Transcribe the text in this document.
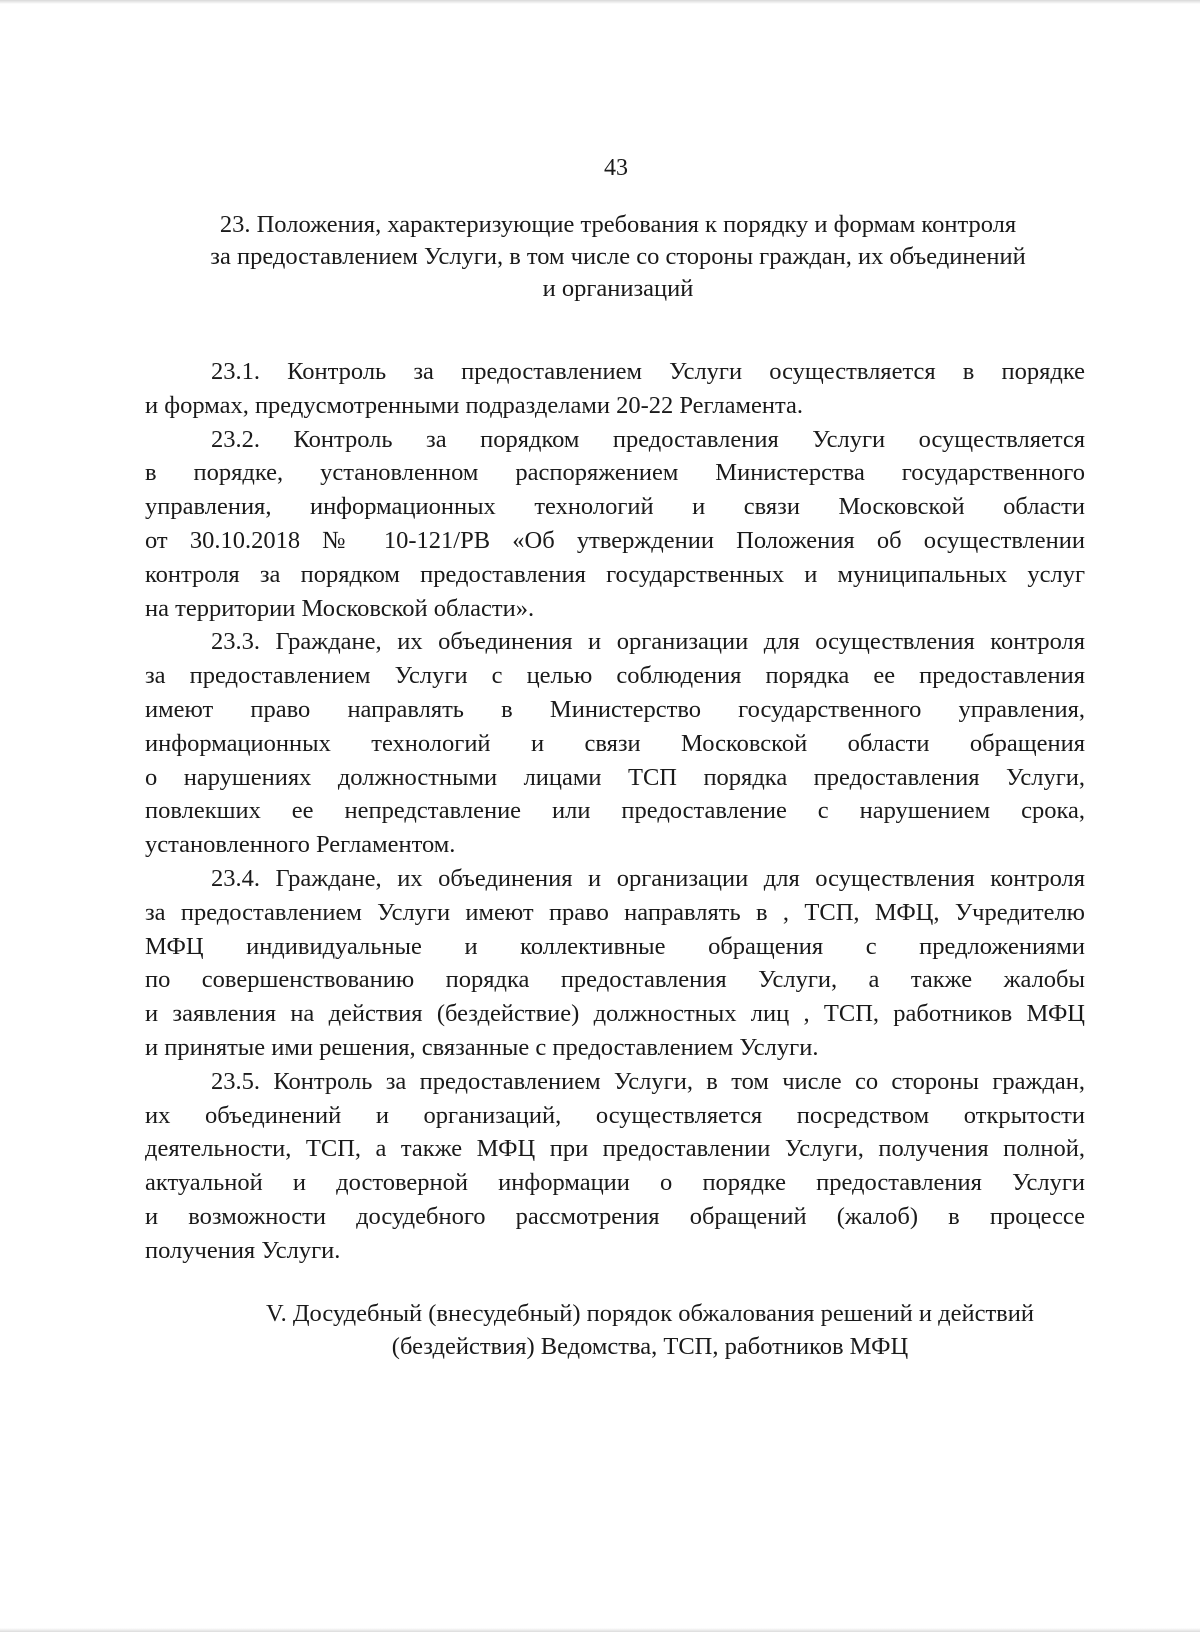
43
23. Положения, характеризующие требования к порядку и формам контроля
за предоставлением Услуги, в том числе со стороны граждан, их объединений
и организаций

23.1. Контроль за предоставлением Услуги осуществляется в порядке
и формах, предусмотренными подразделами 20-22 Регламента.

23.2. Контроль за порядком предоставления Услуги осуществляется
в порядке, установленном распоряжением Министерства государственного
управления, информационных технологий и связи Московской области
от 30.10.2018 № 10-121/РВ «Об утверждении Положения об осуществлении
контроля за порядком предоставления государственных и муниципальных услуг
на территории Московской области».

23.3. Граждане, их объединения и организации для осуществления контроля
за предоставлением Услуги с целью соблюдения порядка ее предоставления
имеют право направлять в Министерство государственного управления,
информационных технологий и связи Московской области обращения
о нарушениях должностными лицами ТСП порядка предоставления Услуги,
повлекших ее непредставление или предоставление с нарушением срока,
установленного Регламентом.

23.4. Граждане, их объединения и организации для осуществления контроля
за предоставлением Услуги имеют право направлять в , ТСП, МФЦ, Учредителю
МФЦ индивидуальные и коллективные обращения с предложениями
по совершенствованию порядка предоставления Услуги, а также жалобы
и заявления на действия (бездействие) должностных лиц , ТСП, работников МФЦ
и принятые ими решения, связанные с предоставлением Услуги.

23.5. Контроль за предоставлением Услуги, в том числе со стороны граждан,
их объединений и организаций, осуществляется посредством открытости
деятельности, ТСП, а также МФЦ при предоставлении Услуги, получения полной,
актуальной и достоверной информации о порядке предоставления Услуги
и возможности досудебного рассмотрения обращений (жалоб) в процессе
получения Услуги.

V. Досудебный (внесудебный) порядок обжалования решений и действий
(бездействия) Ведомства, ТСП, работников МФЦ
